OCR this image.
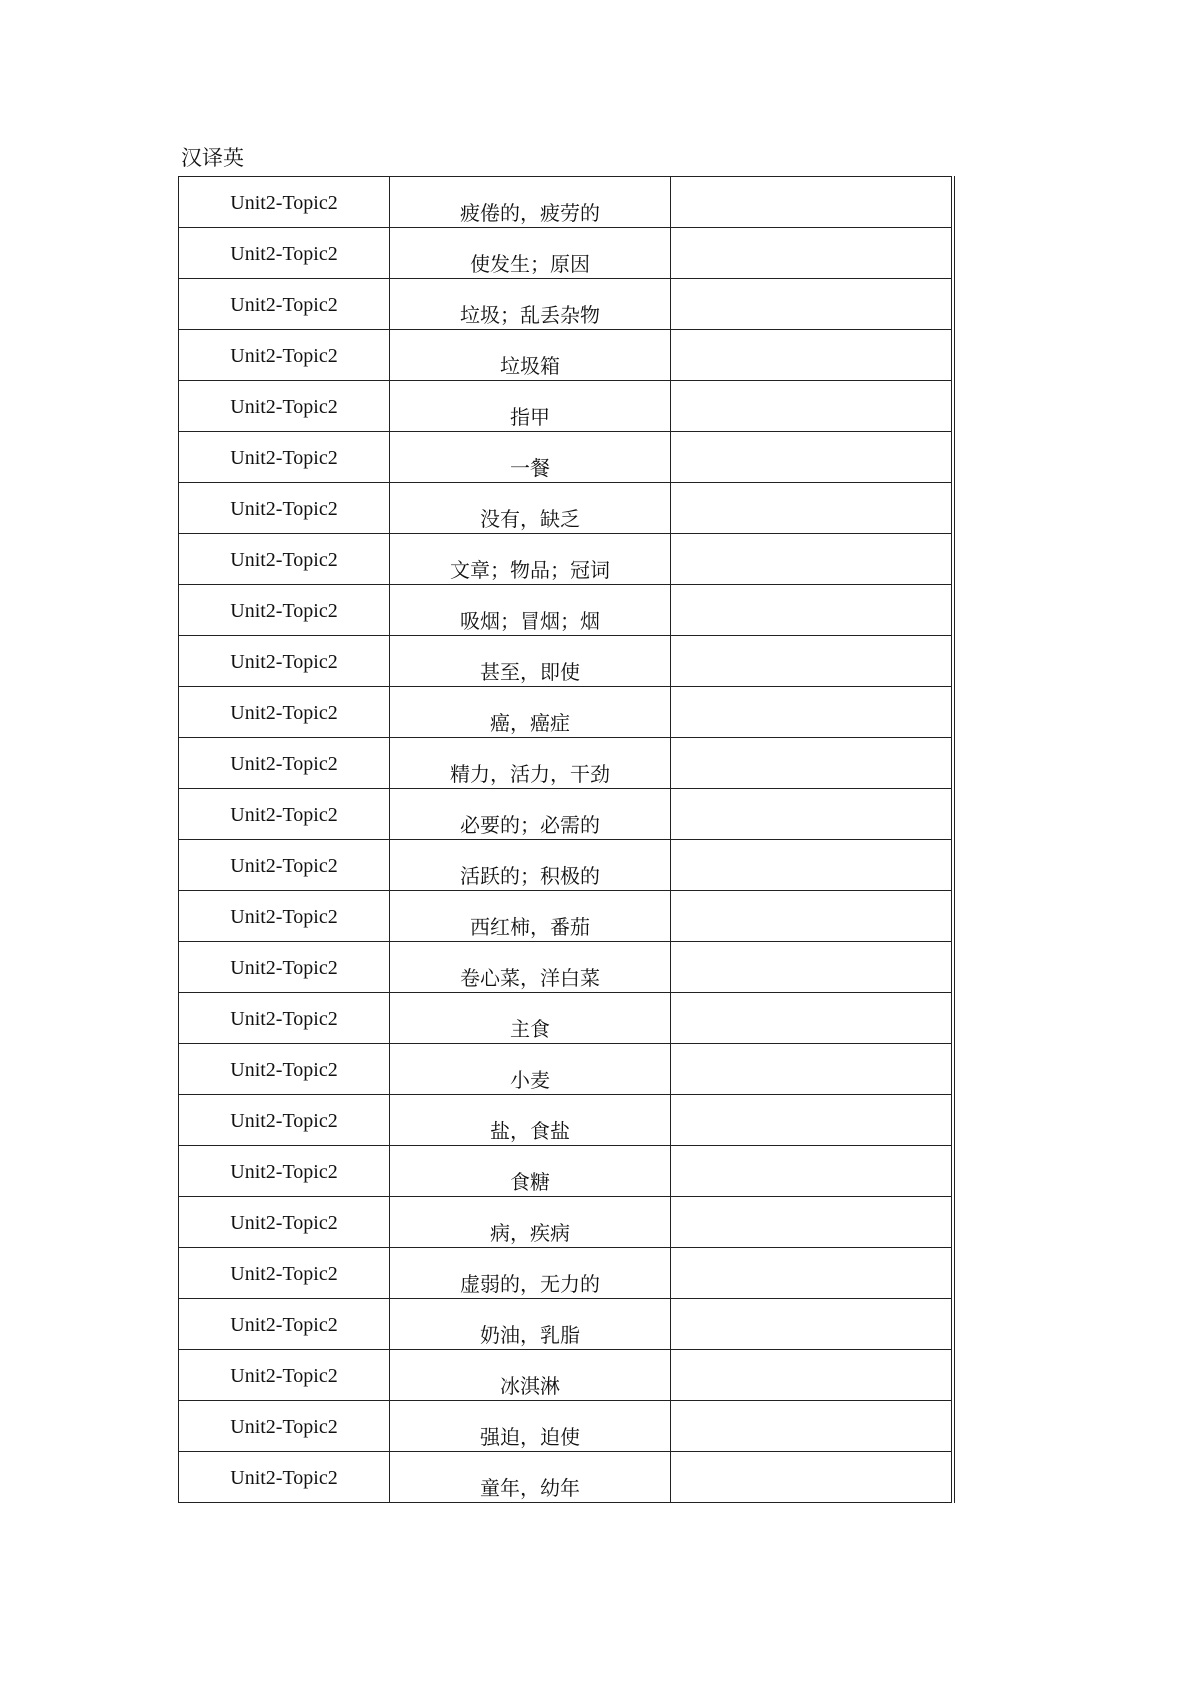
汉译英
Unit2-Topic2	疲倦的，疲劳的	
Unit2-Topic2	使发生；原因	
Unit2-Topic2	垃圾；乱丢杂物	
Unit2-Topic2	垃圾箱	
Unit2-Topic2	指甲	
Unit2-Topic2	一餐	
Unit2-Topic2	没有，缺乏	
Unit2-Topic2	文章；物品；冠词	
Unit2-Topic2	吸烟；冒烟；烟	
Unit2-Topic2	甚至，即使	
Unit2-Topic2	癌，癌症	
Unit2-Topic2	精力，活力，干劲	
Unit2-Topic2	必要的；必需的	
Unit2-Topic2	活跃的；积极的	
Unit2-Topic2	西红柿，番茄	
Unit2-Topic2	卷心菜，洋白菜	
Unit2-Topic2	主食	
Unit2-Topic2	小麦	
Unit2-Topic2	盐，食盐	
Unit2-Topic2	食糖	
Unit2-Topic2	病，疾病	
Unit2-Topic2	虚弱的，无力的	
Unit2-Topic2	奶油，乳脂	
Unit2-Topic2	冰淇淋	
Unit2-Topic2	强迫，迫使	
Unit2-Topic2	童年，幼年	
